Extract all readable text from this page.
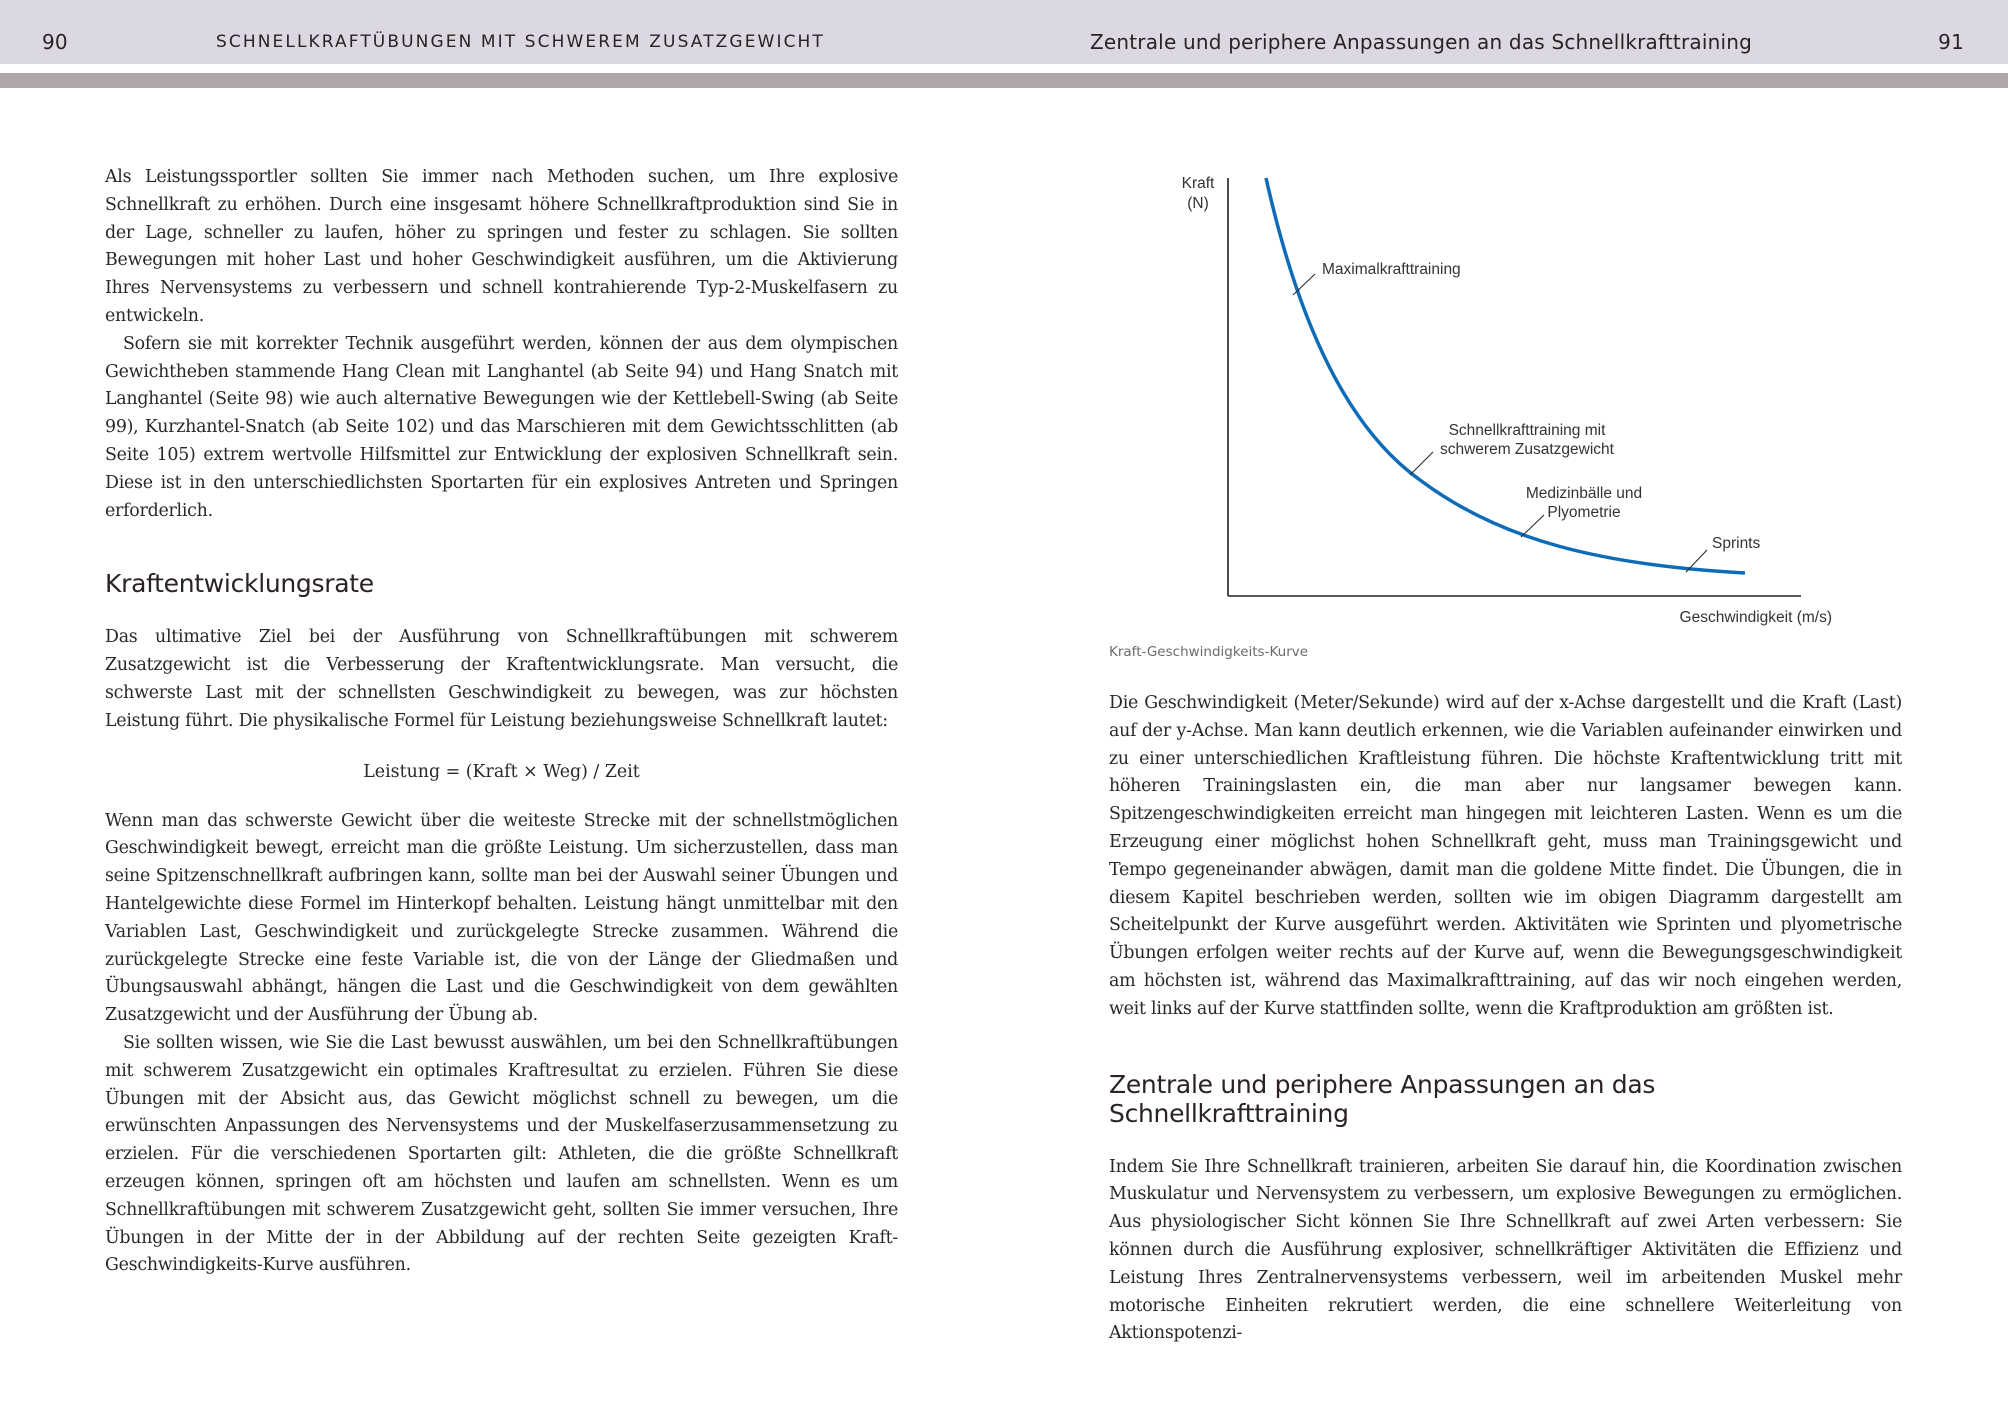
90	SCHNELLKRAFTÜBUNGEN MIT SCHWEREM ZUSATZGEWICHT	Zentrale und periphere Anpassungen an das Schnellkrafttraining	91

Als Leistungssportler sollten Sie immer nach Methoden suchen, um Ihre explosive Schnellkraft zu erhöhen. Durch eine insgesamt höhere Schnellkraftproduktion sind Sie in der Lage, schneller zu laufen, höher zu springen und fester zu schlagen. Sie sollten Bewegungen mit hoher Last und hoher Geschwindigkeit ausführen, um die Aktivierung Ihres Nervensystems zu verbessern und schnell kontrahierende Typ-2-Muskelfasern zu entwickeln.

Sofern sie mit korrekter Technik ausgeführt werden, können der aus dem olympischen Gewichtheben stammende Hang Clean mit Langhantel (ab Seite 94) und Hang Snatch mit Langhantel (Seite 98) wie auch alternative Bewegungen wie der Kettlebell-Swing (ab Seite 99), Kurzhantel-Snatch (ab Seite 102) und das Marschieren mit dem Gewichtsschlitten (ab Seite 105) extrem wertvolle Hilfsmittel zur Entwicklung der explosiven Schnellkraft sein. Diese ist in den unterschiedlichsten Sportarten für ein explosives Antreten und Springen erforderlich.

Kraftentwicklungsrate

Das ultimative Ziel bei der Ausführung von Schnellkraftübungen mit schwerem Zusatzgewicht ist die Verbesserung der Kraftentwicklungsrate. Man versucht, die schwerste Last mit der schnellsten Geschwindigkeit zu bewegen, was zur höchsten Leistung führt. Die physikalische Formel für Leistung beziehungsweise Schnellkraft lautet:

Leistung = (Kraft × Weg) / Zeit

Wenn man das schwerste Gewicht über die weiteste Strecke mit der schnellstmöglichen Geschwindigkeit bewegt, erreicht man die größte Leistung. Um sicherzustellen, dass man seine Spitzenschnellkraft aufbringen kann, sollte man bei der Auswahl seiner Übungen und Hantelgewichte diese Formel im Hinterkopf behalten. Leistung hängt unmittelbar mit den Variablen Last, Geschwindigkeit und zurückgelegte Strecke zusammen. Während die zurückgelegte Strecke eine feste Variable ist, die von der Länge der Gliedmaßen und Übungsauswahl abhängt, hängen die Last und die Geschwindigkeit von dem gewählten Zusatzgewicht und der Ausführung der Übung ab.

Sie sollten wissen, wie Sie die Last bewusst auswählen, um bei den Schnellkraftübungen mit schwerem Zusatzgewicht ein optimales Kraftresultat zu erzielen. Führen Sie diese Übungen mit der Absicht aus, das Gewicht möglichst schnell zu bewegen, um die erwünschten Anpassungen des Nervensystems und der Muskelfaserzusammensetzung zu erzielen. Für die verschiedenen Sportarten gilt: Athleten, die die größte Schnellkraft erzeugen können, springen oft am höchsten und laufen am schnellsten. Wenn es um Schnellkraftübungen mit schwerem Zusatzgewicht geht, sollten Sie immer versuchen, Ihre Übungen in der Mitte der in der Abbildung auf der rechten Seite gezeigten Kraft-Geschwindigkeits-Kurve ausführen.

Kraft
(N)
Maximalkrafttraining
Schnellkrafttraining mit
schwerem Zusatzgewicht
Medizinbälle und
Plyometrie
Sprints
Geschwindigkeit (m/s)
Kraft-Geschwindigkeits-Kurve

Die Geschwindigkeit (Meter/Sekunde) wird auf der x-Achse dargestellt und die Kraft (Last) auf der y-Achse. Man kann deutlich erkennen, wie die Variablen aufeinander einwirken und zu einer unterschiedlichen Kraftleistung führen. Die höchste Kraftentwicklung tritt mit höheren Trainingslasten ein, die man aber nur langsamer bewegen kann. Spitzengeschwindigkeiten erreicht man hingegen mit leichteren Lasten. Wenn es um die Erzeugung einer möglichst hohen Schnellkraft geht, muss man Trainingsgewicht und Tempo gegeneinander abwägen, damit man die goldene Mitte findet. Die Übungen, die in diesem Kapitel beschrieben werden, sollten wie im obigen Diagramm dargestellt am Scheitelpunkt der Kurve ausgeführt werden. Aktivitäten wie Sprinten und plyometrische Übungen erfolgen weiter rechts auf der Kurve auf, wenn die Bewegungsgeschwindigkeit am höchsten ist, während das Maximalkrafttraining, auf das wir noch eingehen werden, weit links auf der Kurve stattfinden sollte, wenn die Kraftproduktion am größten ist.

Zentrale und periphere Anpassungen an das Schnellkrafttraining

Indem Sie Ihre Schnellkraft trainieren, arbeiten Sie darauf hin, die Koordination zwischen Muskulatur und Nervensystem zu verbessern, um explosive Bewegungen zu ermöglichen. Aus physiologischer Sicht können Sie Ihre Schnellkraft auf zwei Arten verbessern: Sie können durch die Ausführung explosiver, schnellkräftiger Aktivitäten die Effizienz und Leistung Ihres Zentralnervensystems verbessern, weil im arbeitenden Muskel mehr motorische Einheiten rekrutiert werden, die eine schnellere Weiterleitung von Aktionspotenzi-
